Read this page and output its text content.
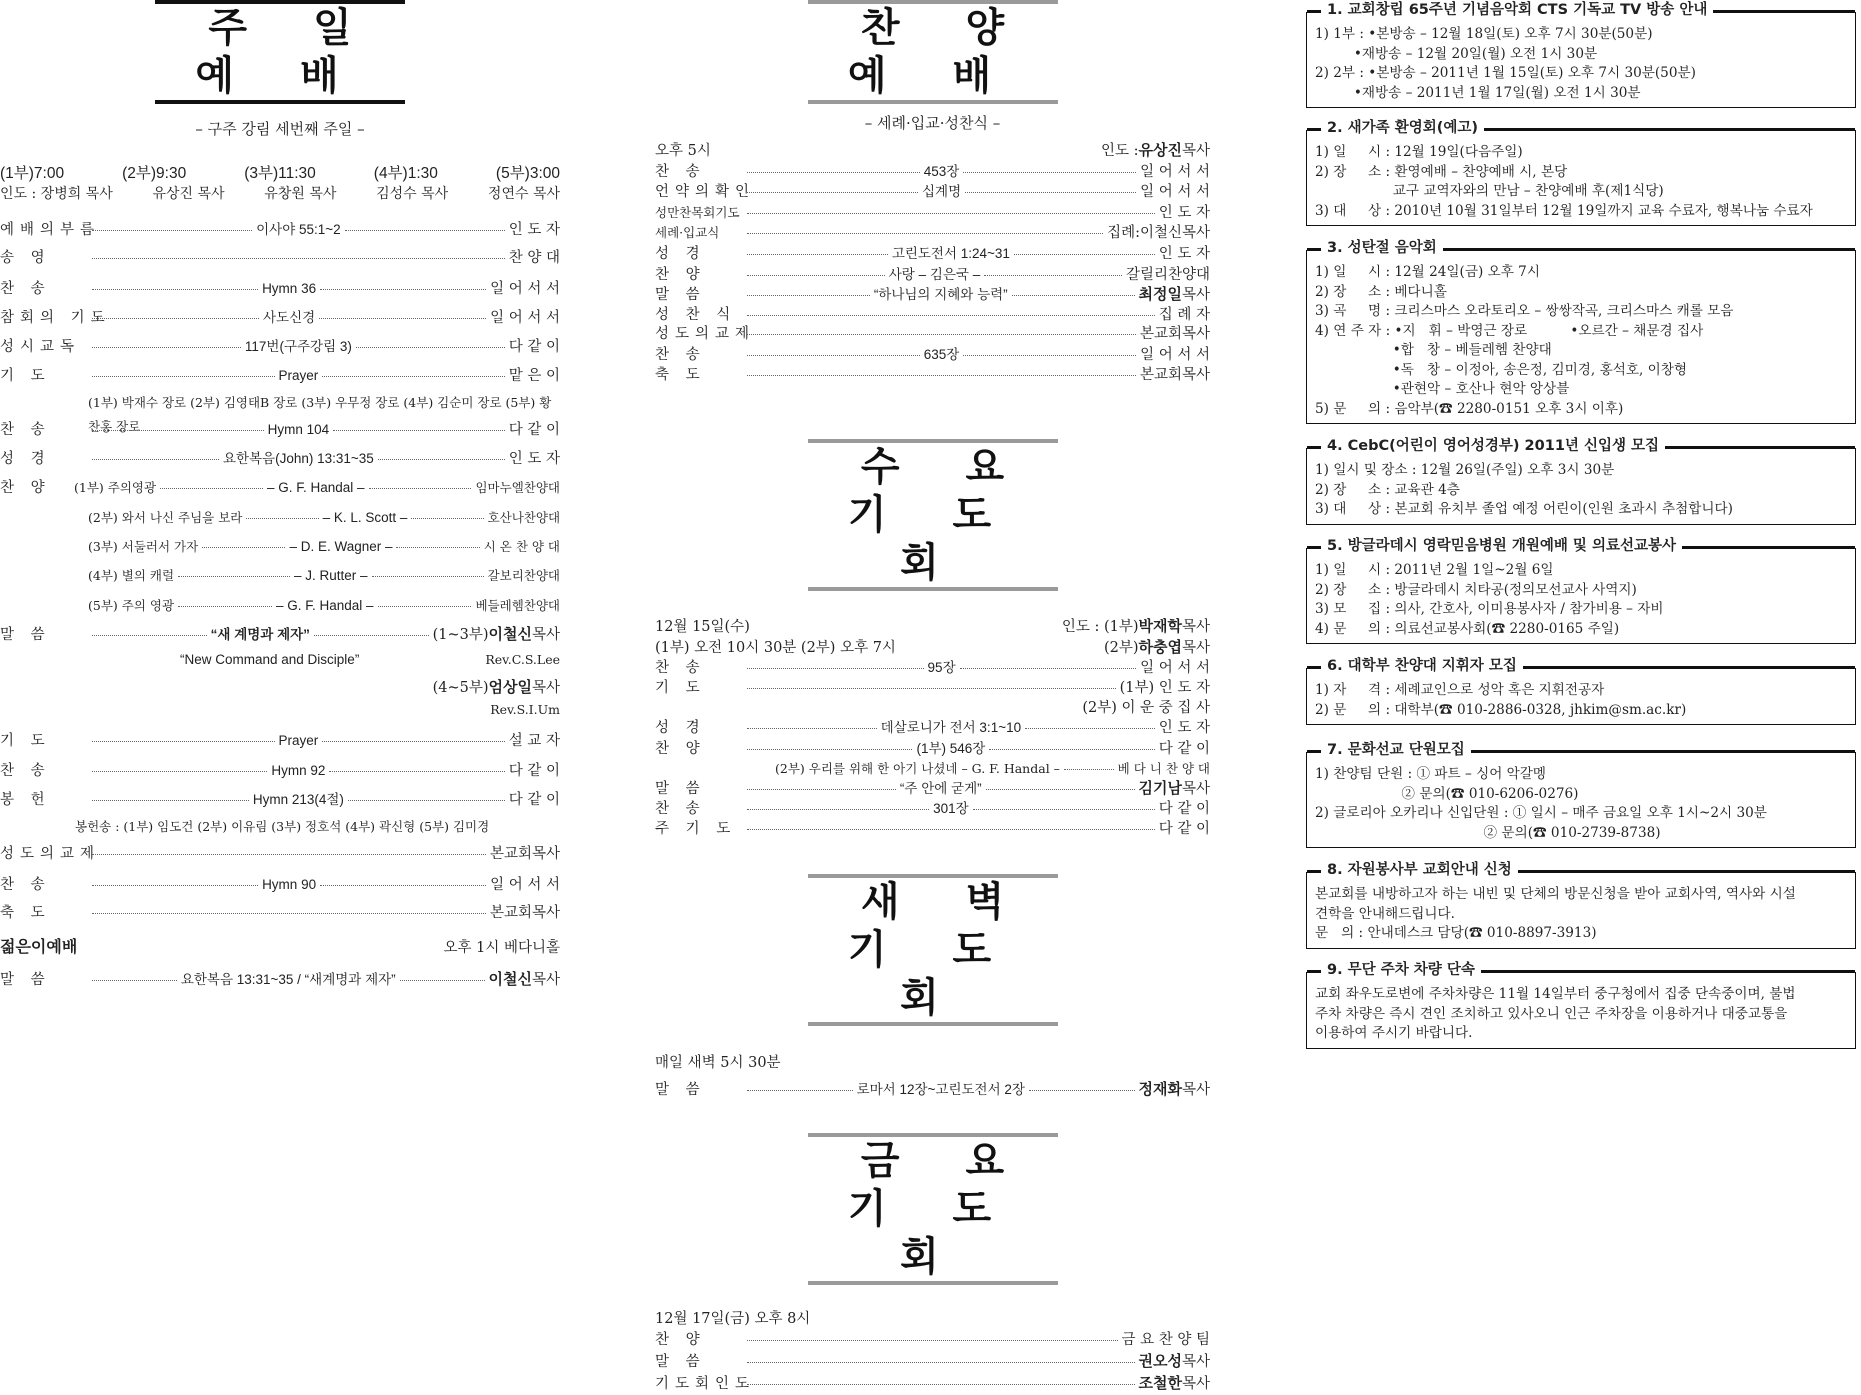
주 일 예 배
– 구주 강림 세번째 주일 –
(1부)7:00	(2부)9:30	(3부)11:30	(4부)1:30	(5부)3:00
인도 : 장병희 목사	유상진 목사	유창원 목사	김성수 목사	정연수 목사
예배의부름	이사야 55:1~2	인 도 자
송 영	찬 양 대
찬 송	Hymn 36	일 어 서 서
참회의 기도	사도신경	일 어 서 서
성시교독	117번(구주강림 3)	다 같 이
기 도	Prayer	맡 은 이
(1부) 박재수 장로 (2부) 김영태B 장로 (3부) 우무정 장로 (4부) 김순미 장로 (5부) 황찬홍 장로
찬 송	Hymn 104	다 같 이
성 경	요한복음(John) 13:31~35	인 도 자
찬 양	(1부) 주의영광	– G. F. Handal –	임마누엘찬양대
(2부) 와서 나신 주님을 보라	– K. L. Scott –	호산나찬양대
(3부) 서둘러서 가자	– D. E. Wagner –	시 온 찬 양 대
(4부) 별의 캐럴	– J. Rutter –	갈보리찬양대
(5부) 주의 영광	– G. F. Handal –	베들레헴찬양대
말 씀	“새 계명과 제자”	(1~3부) 이철신 목사
“New Command and Disciple”	Rev.C.S.Lee
(4~5부) 엄상일 목사
Rev.S.I.Um
기 도	Prayer	설 교 자
찬 송	Hymn 92	다 같 이
봉 헌	Hymn 213(4절)	다 같 이
봉헌송 : (1부) 임도건 (2부) 이유림 (3부) 정호석 (4부) 곽신형 (5부) 김미경
성도의교제	본교회목사
찬 송	Hymn 90	일 어 서 서
축 도	본교회목사
젊은이예배	오후 1시 베다니홀
말 씀	요한복음 13:31~35 / “새계명과 제자”	이철신 목사
찬 양 예 배
– 세례·입교·성찬식 –
오후 5시	인도 : 유상진 목사
찬 송	453장	일 어 서 서
언약의확인	십계명	일 어 서 서
성만찬목회기도	인 도 자
세례·입교식	집례:이철신목사
성 경	고린도전서 1:24~31	인 도 자
찬 양	사랑 – 김은국 –	갈릴리찬양대
말 씀	“하나님의 지혜와 능력”	최정일 목사
성 찬 식	집 례 자
성도의교제	본교회목사
찬 송	635장	일 어 서 서
축 도	본교회목사
수 요 기 도 회
12월 15일(수)	인도 : (1부) 박재학 목사
(1부) 오전 10시 30분 (2부) 오후 7시	(2부) 하충엽 목사
찬 송	95장	일 어 서 서
기 도	(1부) 인 도 자
(2부) 이 운 중 집 사
성 경	데살로니가 전서 3:1~10	인 도 자
찬 양	(1부) 546장	다 같 이
(2부) 우리를 위해 한 아기 나셨네 – G. F. Handal –	베 다 니 찬 양 대
말 씀	“주 안에 굳게”	김기남 목사
찬 송	301장	다 같 이
주 기 도	다 같 이
새 벽 기 도 회
매일 새벽 5시 30분
말 씀	로마서 12장~고린도전서 2장	정재화 목사
금 요 기 도 회
12월 17일(금) 오후 8시
찬 양	금 요 찬 양 팀
말 씀	권오성 목사
기도회인도	조철한 목사
1. 교회창립 65주년 기념음악회 CTS 기독교 TV 방송 안내
1) 1부 : •본방송 – 12월 18일(토) 오후 7시 30분(50분)
•재방송 – 12월 20일(월) 오전 1시 30분
2) 2부 : •본방송 – 2011년 1월 15일(토) 오후 7시 30분(50분)
•재방송 – 2011년 1월 17일(월) 오전 1시 30분
2. 새가족 환영회(예고)
1) 일     시 : 12월 19일(다음주일)
2) 장     소 : 환영예배 – 찬양예배 시, 본당
교구 교역자와의 만남 – 찬양예배 후(제1식당)
3) 대     상 : 2010년 10월 31일부터 12월 19일까지 교육 수료자, 행복나눔 수료자
3. 성탄절 음악회
1) 일     시 : 12월 24일(금) 오후 7시
2) 장     소 : 베다니홀
3) 곡     명 : 크리스마스 오라토리오 – 쌍쌍작곡, 크리스마스 캐롤 모음
4) 연 주 자 : •지   휘 – 박영근 장로          •오르간 – 채문경 집사
•합   창 – 베들레헴 찬양대
•독   창 – 이정아, 송은정, 김미경, 홍석호, 이창형
•관현악 – 호산나 현악 앙상블
5) 문     의 : 음악부(☎ 2280-0151 오후 3시 이후)
4. CebC(어린이 영어성경부) 2011년 신입생 모집
1) 일시 및 장소 : 12월 26일(주일) 오후 3시 30분
2) 장     소 : 교육관 4층
3) 대     상 : 본교회 유치부 졸업 예정 어린이(인원 초과시 추첨합니다)
5. 방글라데시 영락믿음병원 개원예배 및 의료선교봉사
1) 일     시 : 2011년 2월 1일~2월 6일
2) 장     소 : 방글라데시 치타공(정의모선교사 사역지)
3) 모     집 : 의사, 간호사, 이미용봉사자 / 참가비용 – 자비
4) 문     의 : 의료선교봉사회(☎ 2280-0165 주일)
6. 대학부 찬양대 지휘자 모집
1) 자     격 : 세례교인으로 성악 혹은 지휘전공자
2) 문     의 : 대학부(☎ 010-2886-0328, jhkim@sm.ac.kr)
7. 문화선교 단원모집
1) 찬양팀 단원 : ① 파트 – 싱어 악갈멩
② 문의(☎ 010-6206-0276)
2) 글로리아 오카리나 신입단원 : ① 일시 – 매주 금요일 오후 1시~2시 30분
② 문의(☎ 010-2739-8738)
8. 자원봉사부 교회안내 신청
본교회를 내방하고자 하는 내빈 및 단체의 방문신청을 받아 교회사역, 역사와 시설
견학을 안내해드립니다.
문   의 : 안내데스크 담당(☎ 010-8897-3913)
9. 무단 주차 차량 단속
교회 좌우도로변에 주차차량은 11월 14일부터 중구청에서 집중 단속중이며, 불법
주차 차량은 즉시 견인 조치하고 있사오니 인근 주차장을 이용하거나 대중교통을
이용하여 주시기 바랍니다.
